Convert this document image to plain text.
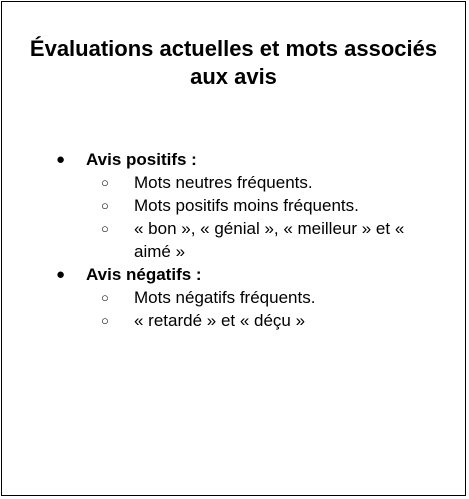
Évaluations actuelles et mots associés
aux avis
● Avis positifs :
○ Mots neutres fréquents.
○ Mots positifs moins fréquents.
○ « bon », « génial », « meilleur » et « aimé »
● Avis négatifs :
○ Mots négatifs fréquents.
○ « retardé » et « déçu »
